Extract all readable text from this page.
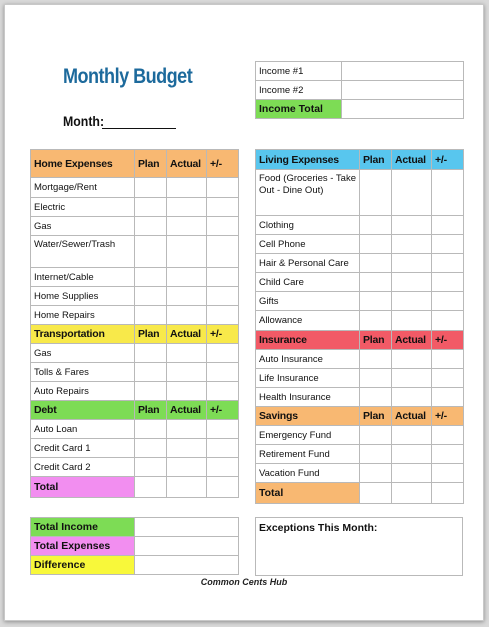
Monthly Budget
Month:
Income #1	
Income #2	
Income Total	
Home Expenses	Plan	Actual	+/-
Mortgage/Rent			
Electric			
Gas			
Water/Sewer/Trash			
Internet/Cable			
Home Supplies			
Home Repairs			
Transportation	Plan	Actual	+/-
Gas			
Tolls & Fares			
Auto Repairs			
Debt	Plan	Actual	+/-
Auto Loan			
Credit Card 1			
Credit Card 2			
Total			
Living Expenses	Plan	Actual	+/-
Food (Groceries - Take Out - Dine Out)			
Clothing			
Cell Phone			
Hair & Personal Care			
Child Care			
Gifts			
Allowance			
Insurance	Plan	Actual	+/-
Auto Insurance			
Life Insurance			
Health Insurance			
Savings	Plan	Actual	+/-
Emergency Fund			
Retirement Fund			
Vacation Fund			
Total			
Total Income	
Total Expenses	
Difference	
Exceptions This Month:
Common Cents Hub
